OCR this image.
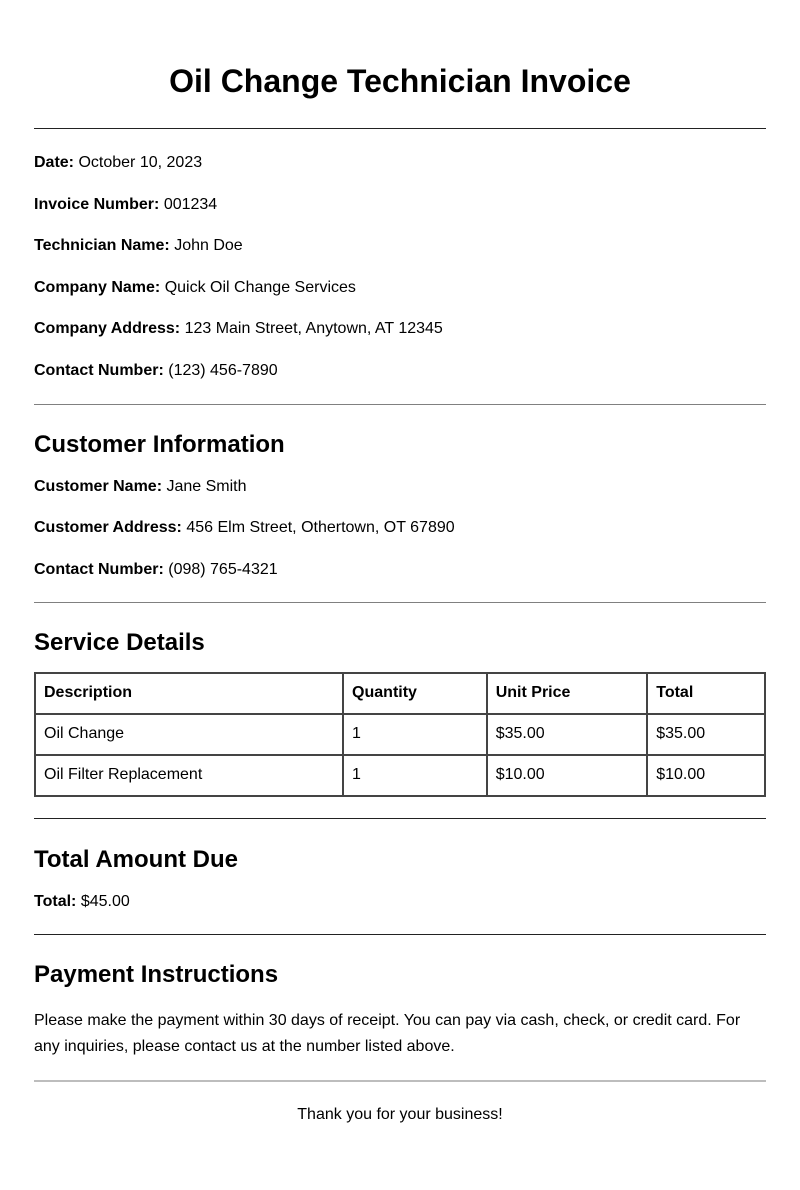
Oil Change Technician Invoice
Date: October 10, 2023
Invoice Number: 001234
Technician Name: John Doe
Company Name: Quick Oil Change Services
Company Address: 123 Main Street, Anytown, AT 12345
Contact Number: (123) 456-7890
Customer Information
Customer Name: Jane Smith
Customer Address: 456 Elm Street, Othertown, OT 67890
Contact Number: (098) 765-4321
Service Details
Description	Quantity	Unit Price	Total
Oil Change	1	$35.00	$35.00
Oil Filter Replacement	1	$10.00	$10.00
Total Amount Due
Total: $45.00
Payment Instructions

Please make the payment within 30 days of receipt. You can pay via cash, check, or credit card. For any inquiries, please contact us at the number listed above.

Thank you for your business!
